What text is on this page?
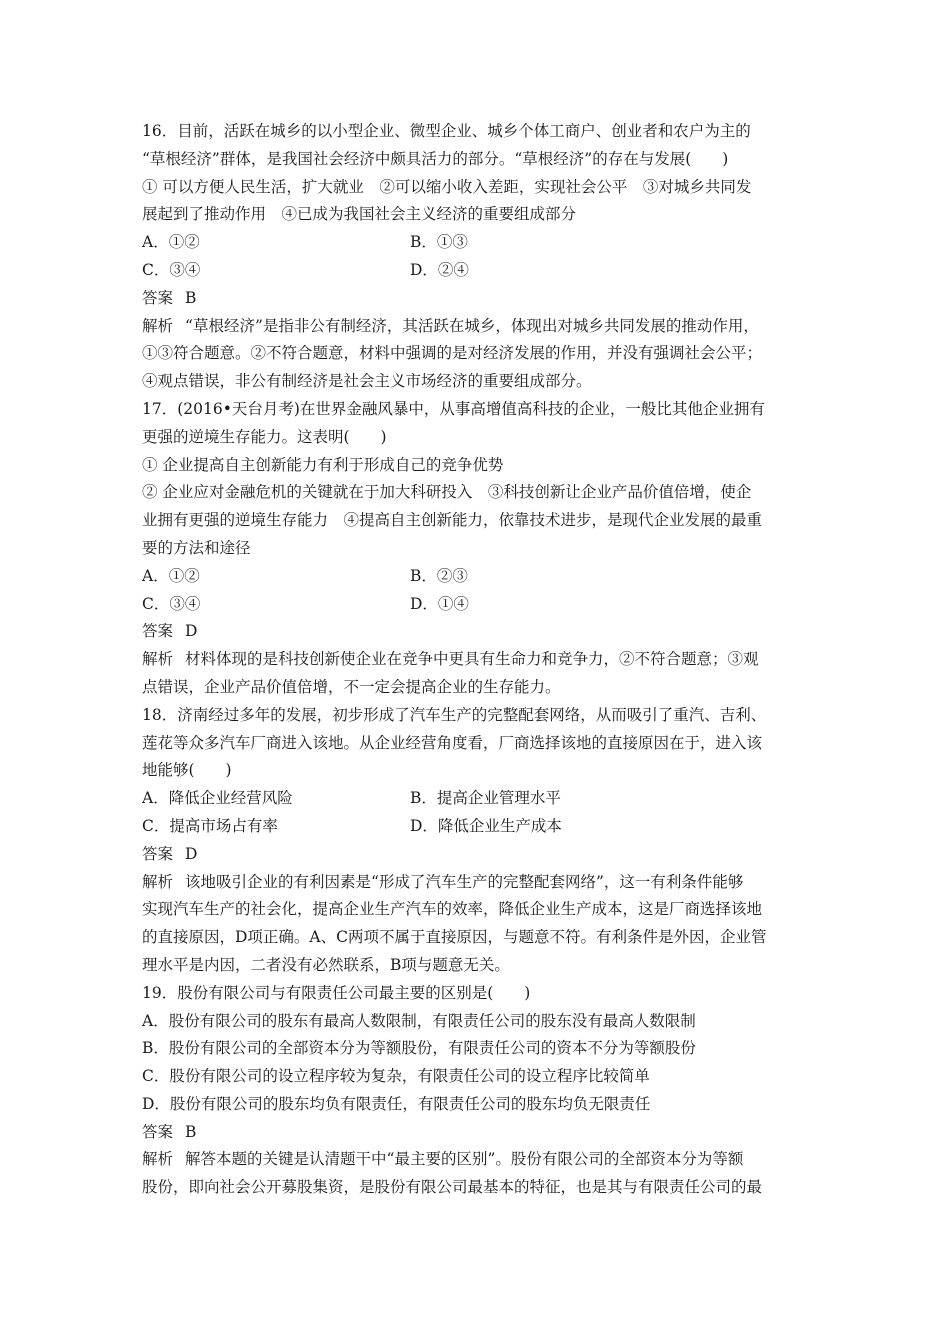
16．目前，活跃在城乡的以小型企业、微型企业、城乡个体工商户、创业者和农户为主的
“草根经济”群体，是我国社会经济中颇具活力的部分。“草根经济”的存在与发展(　　)
① 可以方便人民生活，扩大就业　②可以缩小收入差距，实现社会公平　③对城乡共同发
展起到了推动作用　④已成为我国社会主义经济的重要组成部分
A．①②	B．①③
C．③④	D．②④
答案 B
解析 “草根经济”是指非公有制经济，其活跃在城乡，体现出对城乡共同发展的推动作用，
①③符合题意。②不符合题意，材料中强调的是对经济发展的作用，并没有强调社会公平；
④观点错误，非公有制经济是社会主义市场经济的重要组成部分。
17．(2016•天台月考)在世界金融风暴中，从事高增值高科技的企业，一般比其他企业拥有
更强的逆境生存能力。这表明(　　)
① 企业提高自主创新能力有利于形成自己的竞争优势
② 企业应对金融危机的关键就在于加大科研投入　③科技创新让企业产品价值倍增，使企
业拥有更强的逆境生存能力　④提高自主创新能力，依靠技术进步，是现代企业发展的最重
要的方法和途径
A．①②	B．②③
C．③④	D．①④
答案 D
解析 材料体现的是科技创新使企业在竞争中更具有生命力和竞争力，②不符合题意；③观
点错误，企业产品价值倍增，不一定会提高企业的生存能力。
18．济南经过多年的发展，初步形成了汽车生产的完整配套网络，从而吸引了重汽、吉利、
莲花等众多汽车厂商进入该地。从企业经营角度看，厂商选择该地的直接原因在于，进入该
地能够(　　)
A．降低企业经营风险	B．提高企业管理水平
C．提高市场占有率	D．降低企业生产成本
答案 D
解析 该地吸引企业的有利因素是“形成了汽车生产的完整配套网络”，这一有利条件能够
实现汽车生产的社会化，提高企业生产汽车的效率，降低企业生产成本，这是厂商选择该地
的直接原因，D项正确。A、C两项不属于直接原因，与题意不符。有利条件是外因，企业管
理水平是内因，二者没有必然联系，B项与题意无关。
19．股份有限公司与有限责任公司最主要的区别是(　　)
A．股份有限公司的股东有最高人数限制，有限责任公司的股东没有最高人数限制
B．股份有限公司的全部资本分为等额股份，有限责任公司的资本不分为等额股份
C．股份有限公司的设立程序较为复杂，有限责任公司的设立程序比较简单
D．股份有限公司的股东均负有限责任，有限责任公司的股东均负无限责任
答案 B
解析 解答本题的关键是认清题干中“最主要的区别”。股份有限公司的全部资本分为等额
股份，即向社会公开募股集资，是股份有限公司最基本的特征，也是其与有限责任公司的最
